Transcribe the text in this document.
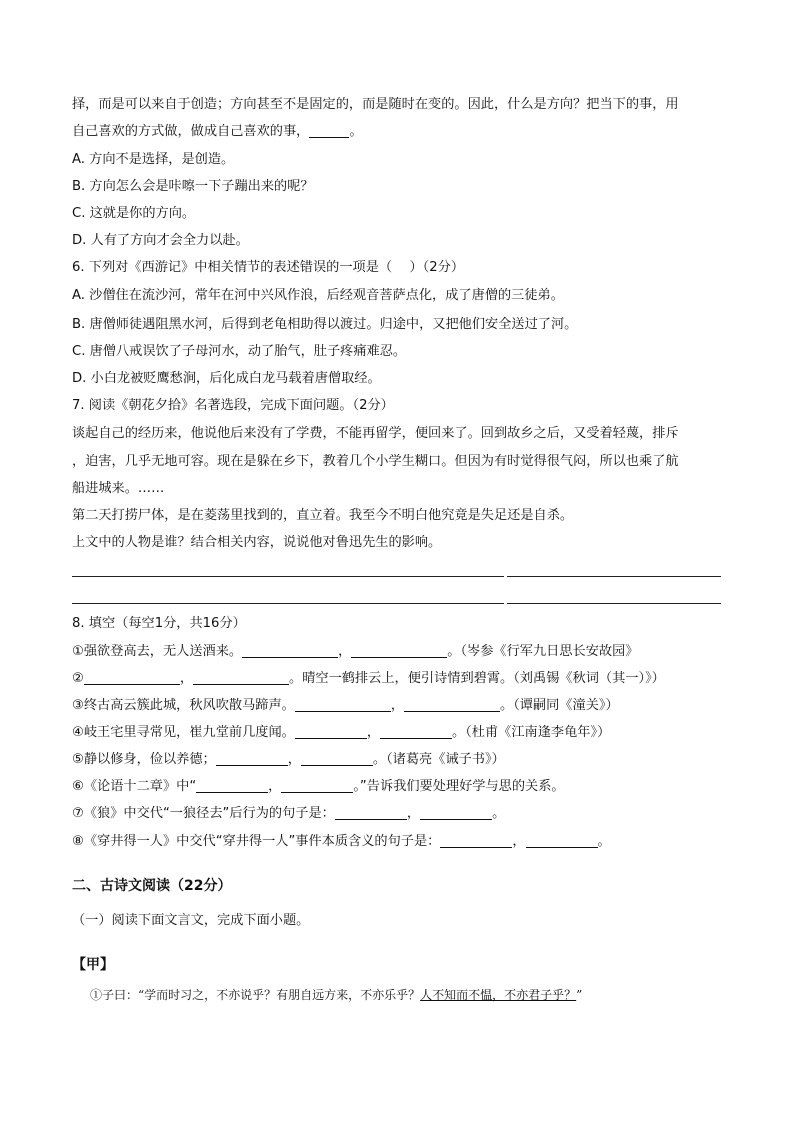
择，而是可以来自于创造；方向甚至不是固定的，而是随时在变的。因此，什么是方向？把当下的事，用
自己喜欢的方式做，做成自己喜欢的事，	。
A. 方向不是选择，是创造。
B. 方向怎么会是咔嚓一下子蹦出来的呢？
C. 这就是你的方向。
D. 人有了方向才会全力以赴。
6. 下列对《西游记》中相关情节的表述错误的一项是（　 ）（2分）
A. 沙僧住在流沙河，常年在河中兴风作浪，后经观音菩萨点化，成了唐僧的三徒弟。
B. 唐僧师徒遇阻黑水河，后得到老龟相助得以渡过。归途中，又把他们安全送过了河。
C. 唐僧八戒误饮了子母河水，动了胎气，肚子疼痛难忍。
D. 小白龙被贬鹰愁涧，后化成白龙马载着唐僧取经。
7. 阅读《朝花夕拾》名著选段，完成下面问题。（2分）
谈起自己的经历来，他说他后来没有了学费，不能再留学，便回来了。回到故乡之后，又受着轻蔑，排斥
，迫害，几乎无地可容。现在是躲在乡下，教着几个小学生糊口。但因为有时觉得很气闷，所以也乘了航
船进城来。……
第二天打捞尸体，是在菱荡里找到的，直立着。我至今不明白他究竟是失足还是自杀。
上文中的人物是谁？结合相关内容，说说他对鲁迅先生的影响。
8. 填空（每空1分，共16分）
①强欲登高去，无人送酒来。	，	。（岑参《行军九日思长安故园》
②	，	。晴空一鹤排云上，便引诗情到碧霄。（刘禹锡《秋词（其一）》）
③终古高云簇此城，秋风吹散马蹄声。	，	。（谭嗣同《潼关》）
④岐王宅里寻常见，崔九堂前几度闻。	，	。（杜甫《江南逢李龟年》）
⑤静以修身，俭以养德；	，	。（诸葛亮《诫子书》）
⑥《论语十二章》中“	，	。”告诉我们要处理好学与思的关系。
⑦《狼》中交代“一狼径去”后行为的句子是：	，	。
⑧《穿井得一人》中交代“穿井得一人”事件本质含义的句子是：	，	。
二、古诗文阅读（22分）
（一）阅读下面文言文，完成下面小题。
【甲】
①子曰：“学而时习之，不亦说乎？有朋自远方来，不亦乐乎？人不知而不愠，不亦君子乎？”
